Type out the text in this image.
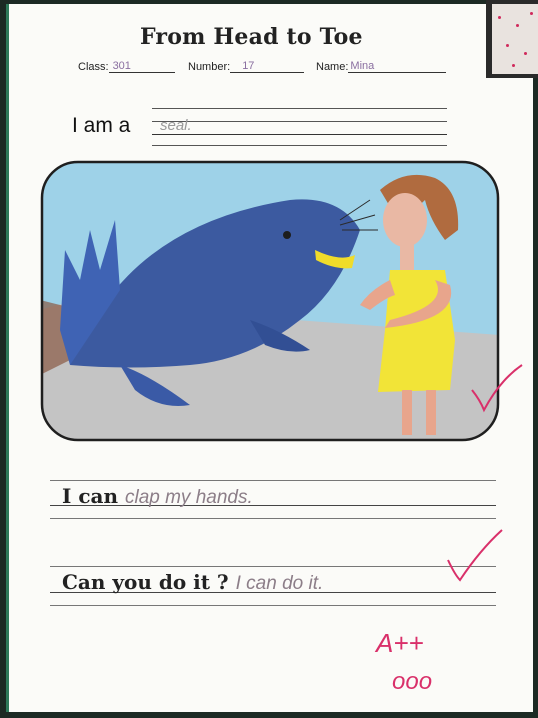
From Head to Toe
Class: 301	Number: 17	Name: Mina
I am a seal.
I can clap my hands.
Can you do it ? I can do it.
A++
ooo
